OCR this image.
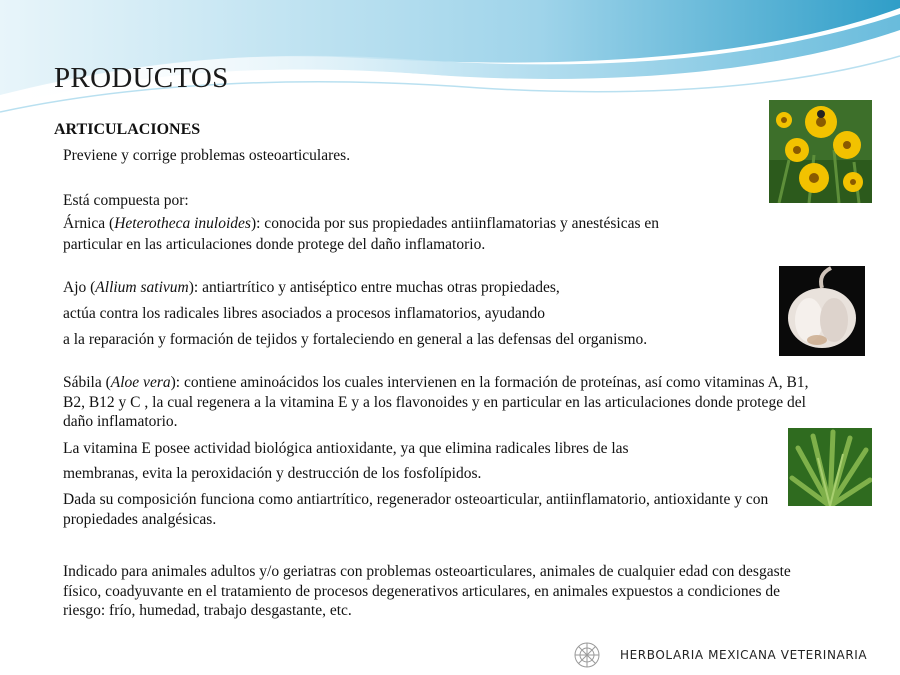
PRODUCTOS
ARTICULACIONES
Previene y corrige problemas osteoarticulares.
Está compuesta por:
Árnica (Heterotheca inuloides): conocida por sus propiedades antiinflamatorias y anestésicas en
particular en las articulaciones donde protege del daño inflamatorio.
Ajo (Allium sativum): antiartrítico y antiséptico entre muchas otras propiedades,
actúa contra los radicales libres asociados a procesos inflamatorios, ayudando
a la reparación y formación de tejidos y fortaleciendo en general a las defensas del organismo.
Sábila (Aloe vera): contiene aminoácidos los cuales intervienen en la formación de proteínas, así como vitaminas A, B1, B2, B12 y C , la cual regenera a la vitamina E y a los flavonoides y en particular en las articulaciones donde protege del daño inflamatorio.
La vitamina E posee actividad biológica antioxidante, ya que elimina radicales libres de las
membranas, evita la peroxidación y destrucción de los fosfolípidos.
Dada su composición funciona como antiartrítico, regenerador osteoarticular, antiinflamatorio, antioxidante y con propiedades analgésicas.
Indicado para animales adultos y/o geriatras con problemas osteoarticulares, animales de cualquier edad con desgaste físico, coadyuvante en el tratamiento de procesos degenerativos articulares, en animales expuestos a condiciones de riesgo: frío, humedad, trabajo desgastante, etc.
HERBOLARIA MEXICANA VETERINARIA
